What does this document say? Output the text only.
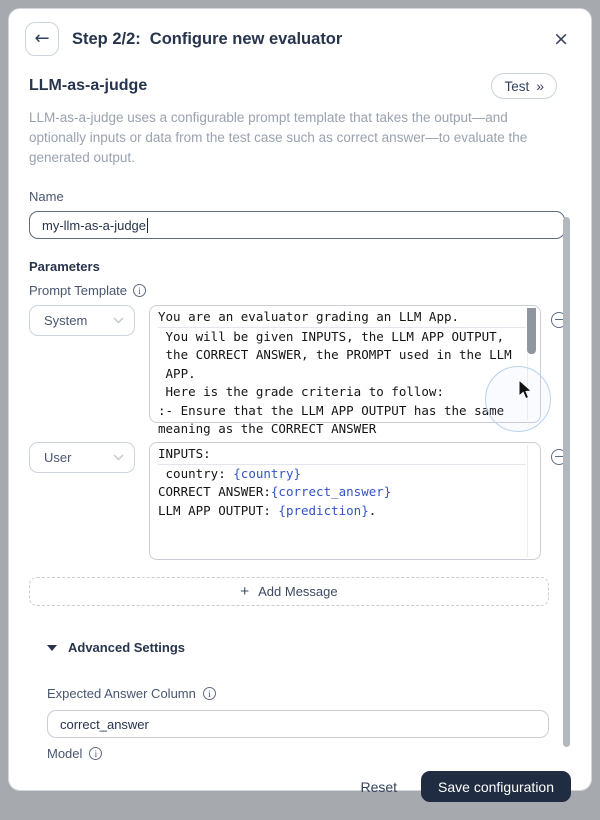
←	Step 2/2: Configure new evaluator	×
LLM-as-a-judge	Test »
LLM-as-a-judge uses a configurable prompt template that takes the output—and optionally inputs or data from the test case such as correct answer—to evaluate the generated output.
Name
my-llm-as-a-judge
Parameters
Prompt Template	i
System	You are an evaluator grading an LLM App.
You will be given INPUTS, the LLM APP OUTPUT,
the CORRECT ANSWER, the PROMPT used in the LLM
APP.
Here is the grade criteria to follow:
:- Ensure that the LLM APP OUTPUT has the same
meaning as the CORRECT ANSWER
User	INPUTS:
country: {country}
CORRECT ANSWER:{correct_answer}
LLM APP OUTPUT: {prediction}.
+ Add Message
Advanced Settings
Expected Answer Column	i
correct_answer
Model	i
Reset	Save configuration
